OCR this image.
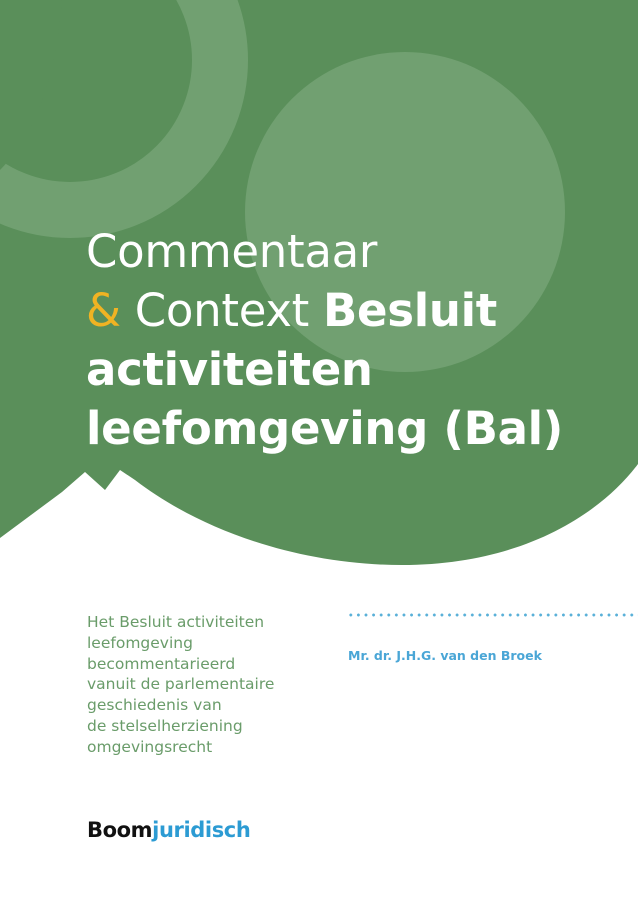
Commentaar
& Context Besluit
activiteiten
leefomgeving (Bal)
Het Besluit activiteiten
leefomgeving
becommentarieerd
vanuit de parlementaire
geschiedenis van
de stelselherziening
omgevingsrecht
Mr. dr. J.H.G. van den Broek
Boomjuridisch
